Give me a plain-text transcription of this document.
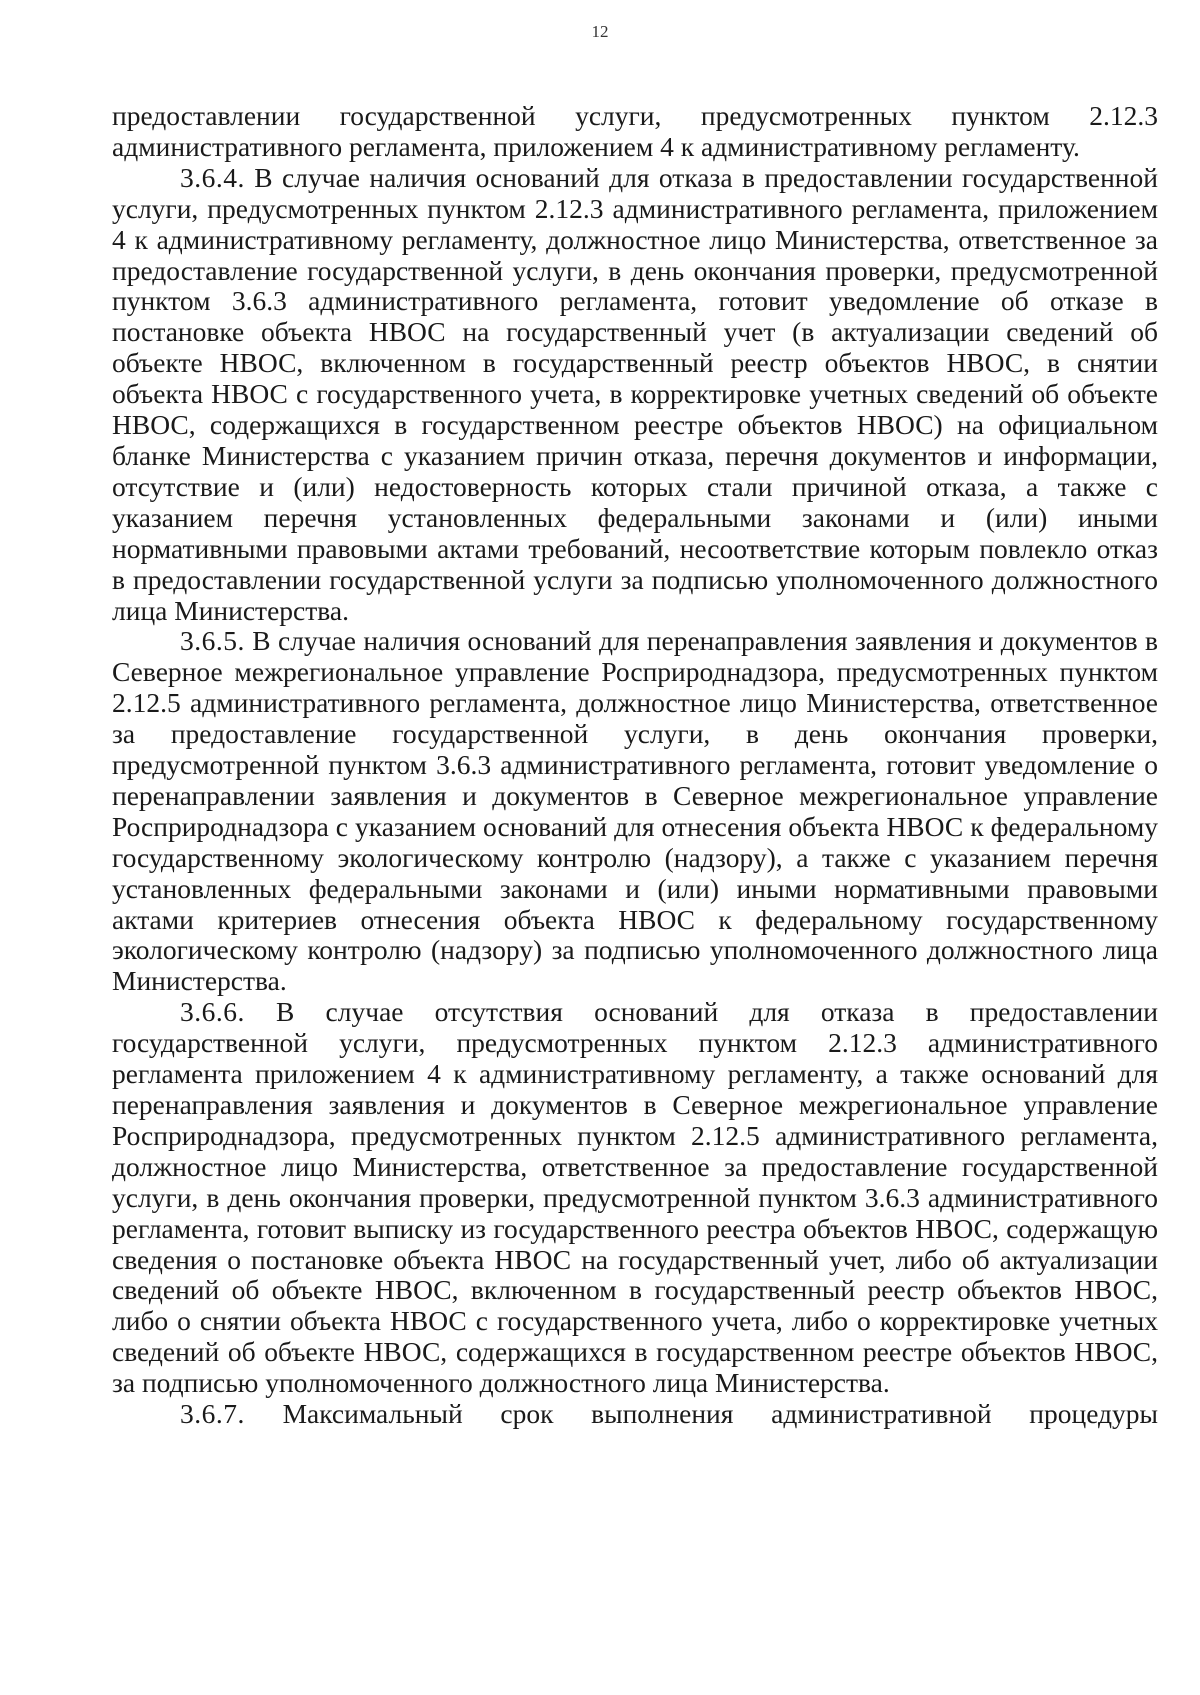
12

предоставлении государственной услуги, предусмотренных пунктом 2.12.3 административного регламента, приложением 4 к административному регламенту.

3.6.4. В случае наличия оснований для отказа в предоставлении государственной услуги, предусмотренных пунктом 2.12.3 административного регламента, приложением 4 к административному регламенту, должностное лицо Министерства, ответственное за предоставление государственной услуги, в день окончания проверки, предусмотренной пунктом 3.6.3 административного регламента, готовит уведомление об отказе в постановке объекта НВОС на государственный учет (в актуализации сведений об объекте НВОС, включенном в государственный реестр объектов НВОС, в снятии объекта НВОС с государственного учета, в корректировке учетных сведений об объекте НВОС, содержащихся в государственном реестре объектов НВОС) на официальном бланке Министерства с указанием причин отказа, перечня документов и информации, отсутствие и (или) недостоверность которых стали причиной отказа, а также с указанием перечня установленных федеральными законами и (или) иными нормативными правовыми актами требований, несоответствие которым повлекло отказ в предоставлении государственной услуги за подписью уполномоченного должностного лица Министерства.

3.6.5. В случае наличия оснований для перенаправления заявления и документов в Северное межрегиональное управление Росприроднадзора, предусмотренных пунктом 2.12.5 административного регламента, должностное лицо Министерства, ответственное за предоставление государственной услуги, в день окончания проверки, предусмотренной пунктом 3.6.3 административного регламента, готовит уведомление о перенаправлении заявления и документов в Северное межрегиональное управление Росприроднадзора с указанием оснований для отнесения объекта НВОС к федеральному государственному экологическому контролю (надзору), а также с указанием перечня установленных федеральными законами и (или) иными нормативными правовыми актами критериев отнесения объекта НВОС к федеральному государственному экологическому контролю (надзору) за подписью уполномоченного должностного лица Министерства.

3.6.6. В случае отсутствия оснований для отказа в предоставлении государственной услуги, предусмотренных пунктом 2.12.3 административного регламента приложением 4 к административному регламенту, а также оснований для перенаправления заявления и документов в Северное межрегиональное управление Росприроднадзора, предусмотренных пунктом 2.12.5 административного регламента, должностное лицо Министерства, ответственное за предоставление государственной услуги, в день окончания проверки, предусмотренной пунктом 3.6.3 административного регламента, готовит выписку из государственного реестра объектов НВОС, содержащую сведения о постановке объекта НВОС на государственный учет, либо об актуализации сведений об объекте НВОС, включенном в государственный реестр объектов НВОС, либо о снятии объекта НВОС с государственного учета, либо о корректировке учетных сведений об объекте НВОС, содержащихся в государственном реестре объектов НВОС, за подписью уполномоченного должностного лица Министерства.

3.6.7. Максимальный срок выполнения административной процедуры
